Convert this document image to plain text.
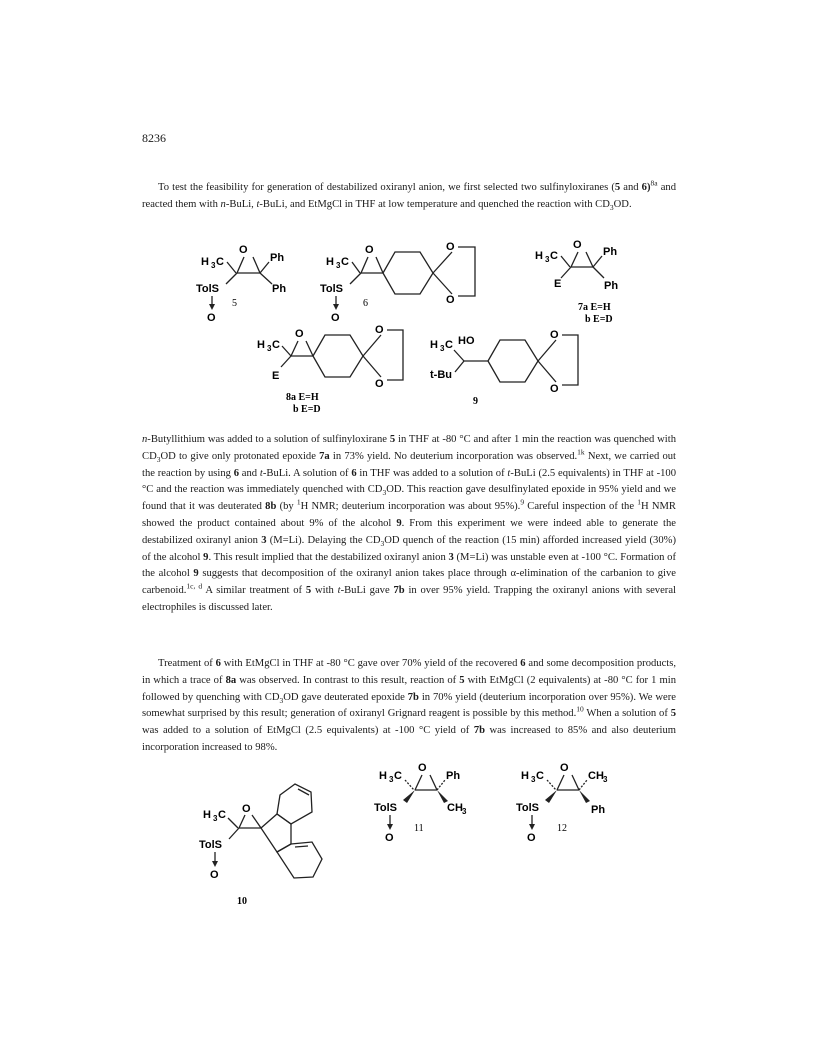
8236

To test the feasibility for generation of destabilized oxiranyl anion, we first selected two sulfinyloxiranes (5 and 6)$^{8a}$ and reacted them with n-BuLi, t-BuLi, and EtMgCl in THF at low temperature and quenched the reaction with $CD_3OD$.

H 3 C
O
Ph
TolS	Ph
O
5
H 3 C
O	O
O
TolS
O
6
H 3 C
O
Ph
E	Ph
7a E=H
b E=D
H 3 C
O	O
O
E
8a E=H
b E=D
H 3 C HO	O
O
t-Bu
9

n-Butyllithium was added to a solution of sulfinyloxirane 5 in THF at -80 °C and after 1 min the reaction was quenched with $CD_3OD$ to give only protonated epoxide 7a in 73% yield. No deuterium incorporation was observed.$^{1k}$ Next, we carried out the reaction by using 6 and t-BuLi. A solution of 6 in THF was added to a solution of t-BuLi (2.5 equivalents) in THF at -100 °C and the reaction was immediately quenched with $CD_3OD$. This reaction gave desulfinylated epoxide in 95% yield and we found that it was deuterated 8b (by $^1$H NMR; deuterium incorporation was about 95%).$^9$ Careful inspection of the $^1$H NMR showed the product contained about 9% of the alcohol 9. From this experiment we were indeed able to generate the destabilized oxiranyl anion 3 (M=Li). Delaying the $CD_3OD$ quench of the reaction (15 min) afforded increased yield (30%) of the alcohol 9. This result implied that the destabilized oxiranyl anion 3 (M=Li) was unstable even at -100 °C. Formation of the alcohol 9 suggests that decomposition of the oxiranyl anion takes place through α-elimination of the carbanion to give carbenoid.$^{1c, d}$ A similar treatment of 5 with t-BuLi gave 7b in over 95% yield. Trapping the oxiranyl anions with several electrophiles is discussed later.

Treatment of 6 with EtMgCl in THF at -80 °C gave over 70% yield of the recovered 6 and some decomposition products, in which a trace of 8a was observed. In contrast to this result, reaction of 5 with EtMgCl (2 equivalents) at -80 °C for 1 min followed by quenching with $CD_3OD$ gave deuterated epoxide 7b in 70% yield (deuterium incorporation over 95%). We were somewhat surprised by this result; generation of oxiranyl Grignard reagent is possible by this method.$^{10}$ When a solution of 5 was added to a solution of EtMgCl (2.5 equivalents) at -100 °C yield of 7b was increased to 85% and also deuterium incorporation increased to 98%.

H 3 C O
TolS
O
10
H 3 C
O
Ph
TolS	CH 3
O
11
H 3 C
O
CH 3
TolS	Ph
O
12
